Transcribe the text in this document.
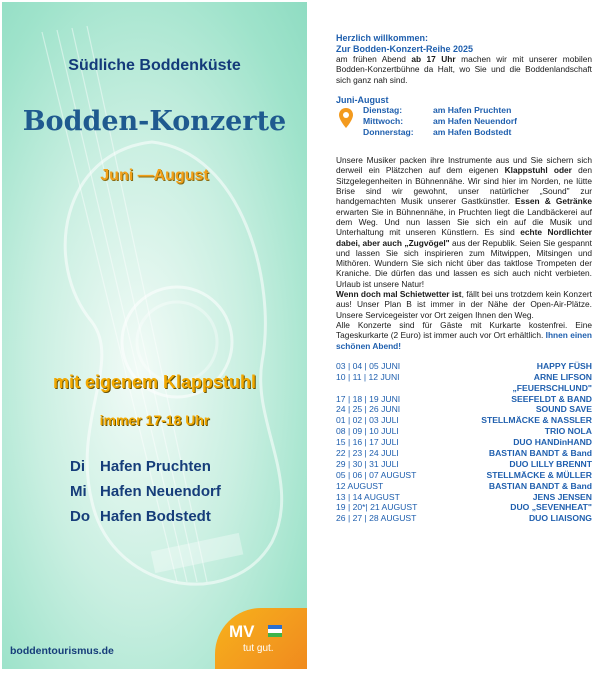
Südliche Boddenküste
Bodden-Konzerte
Juni —August
mit eigenem Klappstuhl
immer 17-18 Uhr
Di Hafen Pruchten
Mi Hafen Neuendorf
Do Hafen Bodstedt
boddentourismus.de
MV
tut gut.
Herzlich willkommen:
Zur Bodden-Konzert-Reihe 2025

am frühen Abend ab 17 Uhr machen wir mit unserer mobilen Bodden-Konzertbühne da Halt, wo Sie und die Boddenlandschaft sich ganz nah sind.

Juni-August
Dienstag:	am Hafen Pruchten
Mittwoch:	am Hafen Neuendorf
Donnerstag: am Hafen Bodstedt

Unsere Musiker packen ihre Instrumente aus und Sie sichern sich derweil ein Plätzchen auf dem eigenen Klappstuhl oder den Sitzgelegenheiten in Bühnennähe. Wir sind hier im Norden, ne lütte Brise sind wir gewohnt, unser natürlicher „Sound" zur handgemachten Musik unserer Gastkünstler. Essen & Getränke erwarten Sie in Bühnennähe, in Pruchten liegt die Landbäckerei auf dem Weg. Und nun lassen Sie sich ein auf die Musik und Unterhaltung mit unseren Künstlern. Es sind echte Nordlichter dabei, aber auch „Zugvögel" aus der Republik. Seien Sie gespannt und lassen Sie sich inspirieren zum Mitwippen, Mitsingen und Mithören. Wundern Sie sich nicht über das taktlose Trompeten der Kraniche. Die dürfen das und lassen es sich auch nicht verbieten. Urlaub ist unsere Natur!

Wenn doch mal Schietwetter ist, fällt bei uns trotzdem kein Konzert aus! Unser Plan B ist immer in der Nähe der Open-Air-Plätze. Unsere Servicegeister vor Ort zeigen Ihnen den Weg.

Alle Konzerte sind für Gäste mit Kurkarte kostenfrei. Eine Tageskurkarte (2 Euro) ist immer auch vor Ort erhältlich. Ihnen einen schönen Abend!

03 | 04 | 05 JUNI	HAPPY FÜSH
10 | 11 | 12 JUNI	ARNE LIFSON
„FEUERSCHLUND"
17 | 18 | 19 JUNI	SEEFELDT & BAND
24 | 25 | 26 JUNI	SOUND SAVE
01 | 02 | 03 JULI	STELLMÄCKE & NASSLER
08 | 09 | 10 JULI	TRIO NOLA
15 | 16 | 17 JULI	DUO HANDinHAND
22 | 23 | 24 JULI	BASTIAN BANDT & Band
29 | 30 | 31 JULI	DUO LILLY BRENNT
05 | 06 | 07 AUGUST	STELLMÄCKE & MÜLLER
12 AUGUST	BASTIAN BANDT & Band
13 | 14 AUGUST	JENS JENSEN
19 | 20*| 21 AUGUST	DUO „SEVENHEAT"
26 | 27 | 28 AUGUST	DUO LIAISONG
